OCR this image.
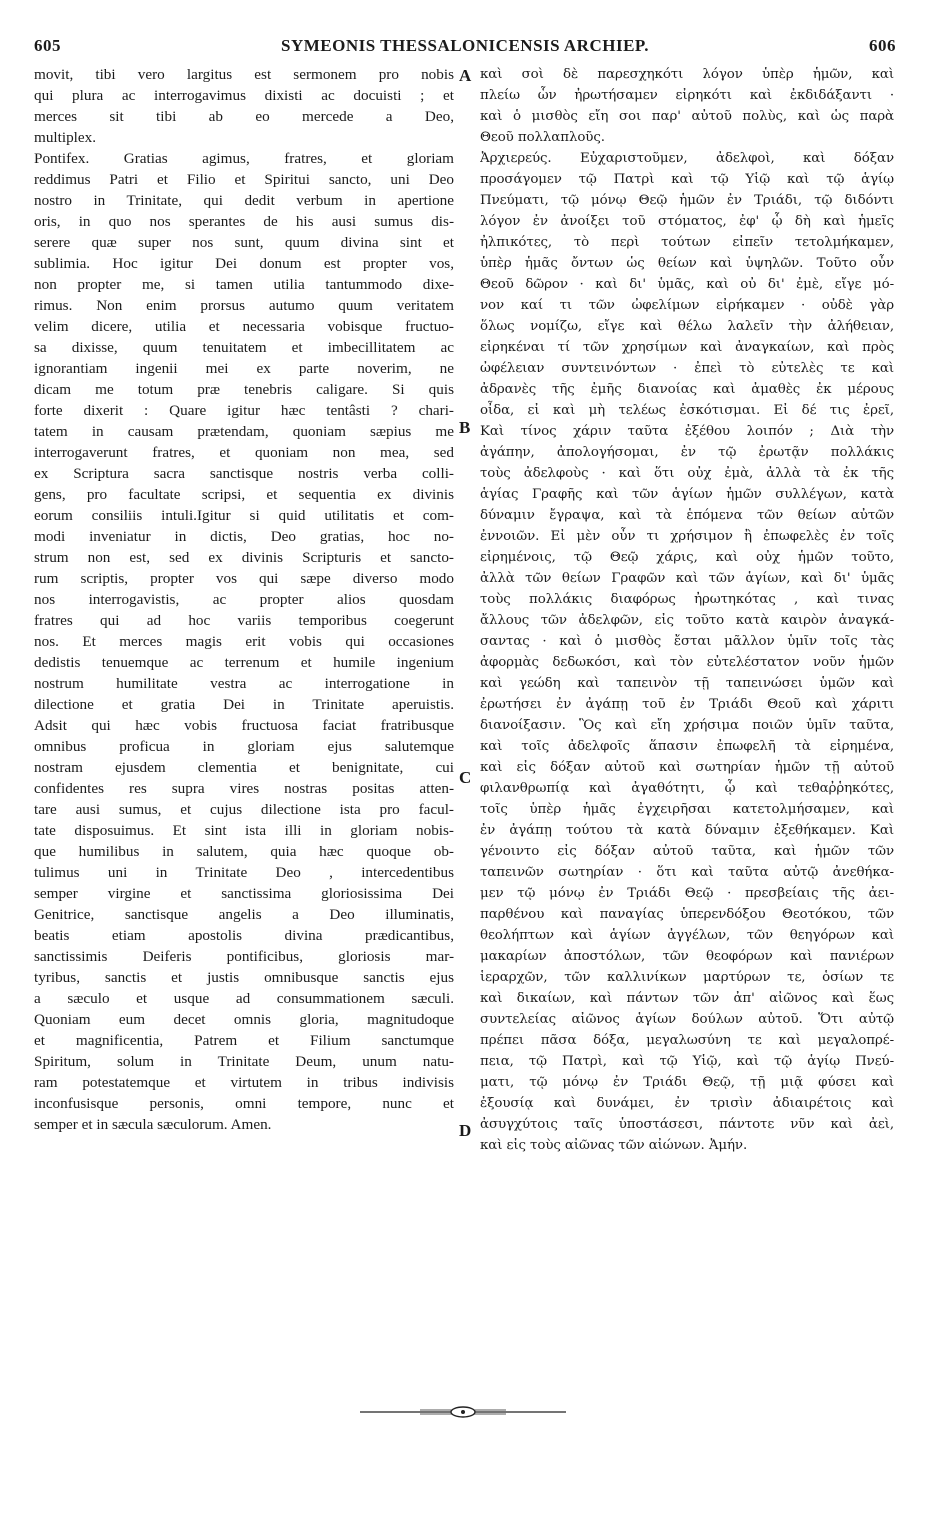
605	SYMEONIS THESSALONICENSIS ARCHIEP.	606
movit, tibi vero largitus est sermonem pro nobis
qui plura ac interrogavimus dixisti ac docuisti ; et
merces sit tibi ab eo mercede a Deo,
multiplex.
Pontifex. Gratias agimus, fratres, et gloriam
reddimus Patri et Filio et Spiritui sancto, uni Deo
nostro in Trinitate, qui dedit verbum in apertione
oris, in quo nos sperantes de his ausi sumus dis-
serere quæ super nos sunt, quum divina sint et
sublimia. Hoc igitur Dei donum est propter vos,
non propter me, si tamen utilia tantummodo dixe-
rimus. Non enim prorsus autumo quum veritatem
velim dicere, utilia et necessaria vobisque fructuo-
sa dixisse, quum tenuitatem et imbecillitatem ac
ignorantiam ingenii mei ex parte noverim, ne
dicam me totum præ tenebris caligare. Si quis
forte dixerit : Quare igitur hæc tentâsti ? chari-
tatem in causam prætendam, quoniam sæpius me
interrogaverunt fratres, et quoniam non mea, sed
ex Scriptura sacra sanctisque nostris verba colli-
gens, pro facultate scripsi, et sequentia ex divinis
eorum consiliis intuli.Igitur si quid utilitatis et com-
modi inveniatur in dictis, Deo gratias, hoc no-
strum non est, sed ex divinis Scripturis et sancto-
rum scriptis, propter vos qui sæpe diverso modo
nos interrogavistis, ac propter alios quosdam
fratres qui ad hoc variis temporibus coegerunt
nos. Et merces magis erit vobis qui occasiones
dedistis tenuemque ac terrenum et humile ingenium
nostrum humilitate vestra ac interrogatione in
dilectione et gratia Dei in Trinitate aperuistis.
Adsit qui hæc vobis fructuosa faciat fratribusque
omnibus proficua in gloriam ejus salutemque
nostram ejusdem clementia et benignitate, cui
confidentes res supra vires nostras positas atten-
tare ausi sumus, et cujus dilectione ista pro facul-
tate disposuimus. Et sint ista illi in gloriam nobis-
que humilibus in salutem, quia hæc quoque ob-
tulimus uni in Trinitate Deo , intercedentibus
semper virgine et sanctissima gloriosissima Dei
Genitrice, sanctisque angelis a Deo illuminatis,
beatis etiam apostolis divina prædicantibus,
sanctissimis Deiferis pontificibus, gloriosis mar-
tyribus, sanctis et justis omnibusque sanctis ejus
a sæculo et usque ad consummationem sæculi.
Quoniam eum decet omnis gloria, magnitudoque
et magnificentia, Patrem et Filium sanctumque
Spiritum, solum in Trinitate Deum, unum natu-
ram potestatemque et virtutem in tribus indivisis
inconfusisque personis, omni tempore, nunc et
semper et in sæcula sæculorum. Amen.
καὶ σοὶ δὲ παρεσχηκότι λόγον ὑπὲρ ἡμῶν, καὶ
πλείω ὧν ἠρωτήσαμεν εἰρηκότι καὶ ἐκδιδάξαντι ·
καὶ ὁ μισθὸς εἴη σοι παρ' αὐτοῦ πολὺς, καὶ ὡς παρὰ
Θεοῦ πολλαπλοῦς.
Ἀρχιερεύς. Εὐχαριστοῦμεν, ἀδελφοὶ, καὶ δόξαν
προσάγομεν τῷ Πατρὶ καὶ τῷ Υἱῷ καὶ τῷ ἁγίῳ
Πνεύματι, τῷ μόνῳ Θεῷ ἡμῶν ἐν Τριάδι, τῷ διδόντι
λόγον ἐν ἀνοίξει τοῦ στόματος, ἐφ' ᾧ δὴ καὶ ἡμεῖς
ἠλπικότες, τὸ περὶ τούτων εἰπεῖν τετολμήκαμεν,
ὑπὲρ ἡμᾶς ὄντων ὡς θείων καὶ ὑψηλῶν. Τοῦτο οὖν
Θεοῦ δῶρον · καὶ δι' ὑμᾶς, καὶ οὐ δι' ἐμὲ, εἴγε μό-
νον καί τι τῶν ὠφελίμων εἰρήκαμεν · οὐδὲ γὰρ
ὅλως νομίζω, εἴγε καὶ θέλω λαλεῖν τὴν ἀλήθειαν,
εἰρηκέναι τί τῶν χρησίμων καὶ ἀναγκαίων, καὶ πρὸς
ὠφέλειαν συντεινόντων · ἐπεὶ τὸ εὐτελὲς τε καὶ
ἀδρανὲς τῆς ἐμῆς διανοίας καὶ ἀμαθὲς ἐκ μέρους
οἶδα, εἰ καὶ μὴ τελέως ἐσκότισμαι. Εἰ δέ τις ἐρεῖ,
Καὶ τίνος χάριν ταῦτα ἐξέθου λοιπόν ; Διὰ τὴν
ἀγάπην, ἀπολογήσομαι, ἐν τῷ ἐρωτᾷν πολλάκις
τοὺς ἀδελφοὺς · καὶ ὅτι οὐχ ἐμὰ, ἀλλὰ τὰ ἐκ τῆς
ἁγίας Γραφῆς καὶ τῶν ἁγίων ἡμῶν συλλέγων, κατὰ
δύναμιν ἔγραψα, καὶ τὰ ἑπόμενα τῶν θείων αὐτῶν
ἐννοιῶν. Εἰ μὲν οὖν τι χρήσιμον ἢ ἐπωφελὲς ἐν τοῖς
εἰρημένοις, τῷ Θεῷ χάρις, καὶ οὐχ ἡμῶν τοῦτο,
ἀλλὰ τῶν θείων Γραφῶν καὶ τῶν ἁγίων, καὶ δι' ὑμᾶς
τοὺς πολλάκις διαφόρως ἠρωτηκότας , καὶ τινας
ἄλλους τῶν ἀδελφῶν, εἰς τοῦτο κατὰ καιρὸν ἀναγκά-
σαντας · καὶ ὁ μισθὸς ἔσται μᾶλλον ὑμῖν τοῖς τὰς
ἀφορμὰς δεδωκόσι, καὶ τὸν εὐτελέστατον νοῦν ἡμῶν
καὶ γεώδη καὶ ταπεινὸν τῇ ταπεινώσει ὑμῶν καὶ
ἐρωτήσει ἐν ἀγάπῃ τοῦ ἐν Τριάδι Θεοῦ καὶ χάριτι
διανοίξασιν. Ὃς καὶ εἴη χρήσιμα ποιῶν ὑμῖν ταῦτα,
καὶ τοῖς ἀδελφοῖς ἅπασιν ἐπωφελῆ τὰ εἰρημένα,
καὶ εἰς δόξαν αὐτοῦ καὶ σωτηρίαν ἡμῶν τῇ αὐτοῦ
φιλανθρωπίᾳ καὶ ἀγαθότητι, ᾧ καὶ τεθαῤῥηκότες,
τοῖς ὑπὲρ ἡμᾶς ἐγχειρῆσαι κατετολμήσαμεν, καὶ
ἐν ἀγάπῃ τούτου τὰ κατὰ δύναμιν ἐξεθήκαμεν. Καὶ
γένοιντο εἰς δόξαν αὐτοῦ ταῦτα, καὶ ἡμῶν τῶν
ταπεινῶν σωτηρίαν · ὅτι καὶ ταῦτα αὐτῷ ἀνεθήκα-
μεν τῷ μόνῳ ἐν Τριάδι Θεῷ · πρεσβείαις τῆς ἀει-
παρθένου καὶ παναγίας ὑπερενδόξου Θεοτόκου, τῶν
θεολήπτων καὶ ἁγίων ἀγγέλων, τῶν θεηγόρων καὶ
μακαρίων ἀποστόλων, τῶν θεοφόρων καὶ πανιέρων
ἱεραρχῶν, τῶν καλλινίκων μαρτύρων τε, ὁσίων τε
καὶ δικαίων, καὶ πάντων τῶν ἀπ' αἰῶνος καὶ ἕως
συντελείας αἰῶνος ἁγίων δούλων αὐτοῦ. Ὅτι αὐτῷ
πρέπει πᾶσα δόξα, μεγαλωσύνη τε καὶ μεγαλοπρέ-
πεια, τῷ Πατρὶ, καὶ τῷ Υἱῷ, καὶ τῷ ἁγίῳ Πνεύ-
ματι, τῷ μόνῳ ἐν Τριάδι Θεῷ, τῇ μιᾷ φύσει καὶ
ἐξουσίᾳ καὶ δυνάμει, ἐν τρισὶν ἀδιαιρέτοις καὶ
ἀσυγχύτοις ταῖς ὑποστάσεσι, πάντοτε νῦν καὶ ἀεὶ,
καὶ εἰς τοὺς αἰῶνας τῶν αἰώνων. Ἀμήν.
A
B
C
D
